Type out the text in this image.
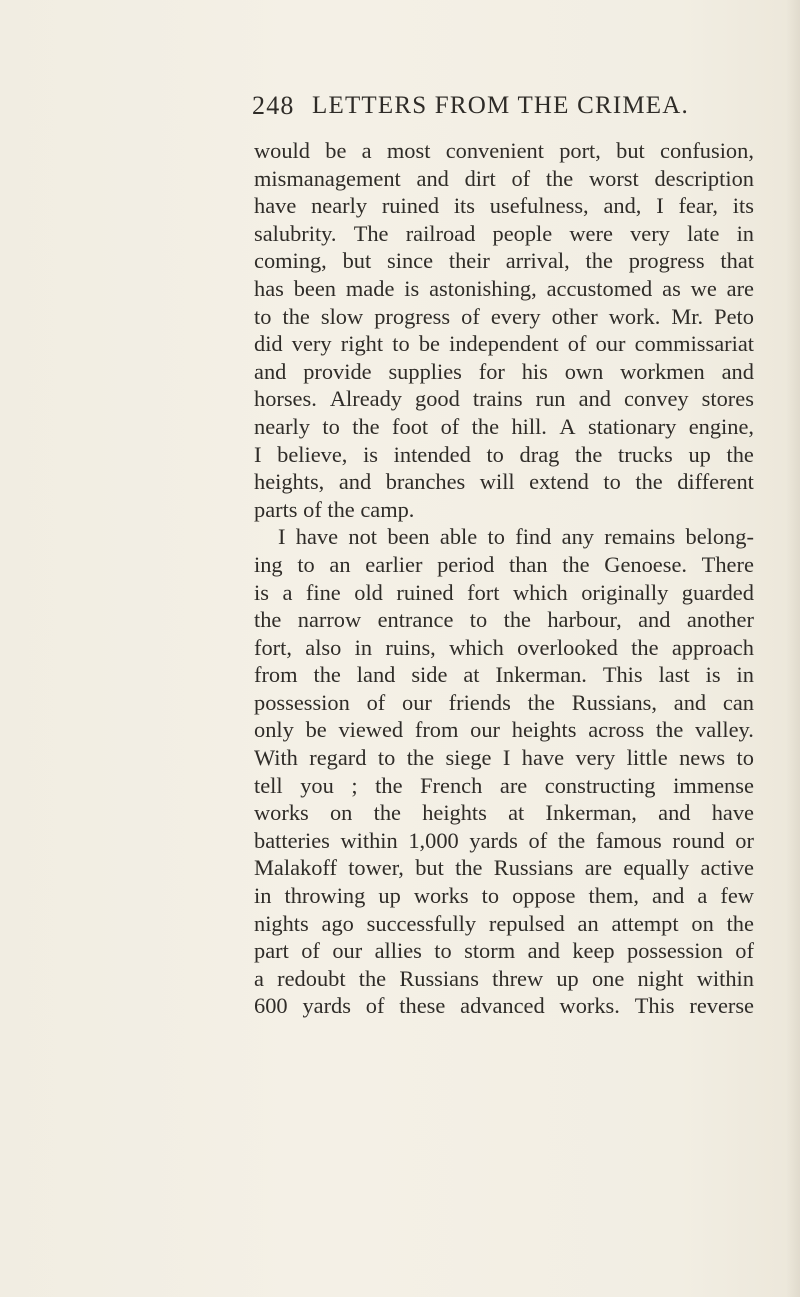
248 LETTERS FROM THE CRIMEA.
would be a most convenient port, but confusion,
mismanagement and dirt of the worst description
have nearly ruined its usefulness, and, I fear, its
salubrity. The railroad people were very late in
coming, but since their arrival, the progress that
has been made is astonishing, accustomed as we are
to the slow progress of every other work. Mr. Peto
did very right to be independent of our commissariat
and provide supplies for his own workmen and
horses. Already good trains run and convey stores
nearly to the foot of the hill. A stationary engine,
I believe, is intended to drag the trucks up the
heights, and branches will extend to the different
parts of the camp.
I have not been able to find any remains belong-
ing to an earlier period than the Genoese. There
is a fine old ruined fort which originally guarded
the narrow entrance to the harbour, and another
fort, also in ruins, which overlooked the approach
from the land side at Inkerman. This last is in
possession of our friends the Russians, and can
only be viewed from our heights across the valley.
With regard to the siege I have very little news to
tell you ; the French are constructing immense
works on the heights at Inkerman, and have
batteries within 1,000 yards of the famous round or
Malakoff tower, but the Russians are equally active
in throwing up works to oppose them, and a few
nights ago successfully repulsed an attempt on the
part of our allies to storm and keep possession of
a redoubt the Russians threw up one night within
600 yards of these advanced works. This reverse
